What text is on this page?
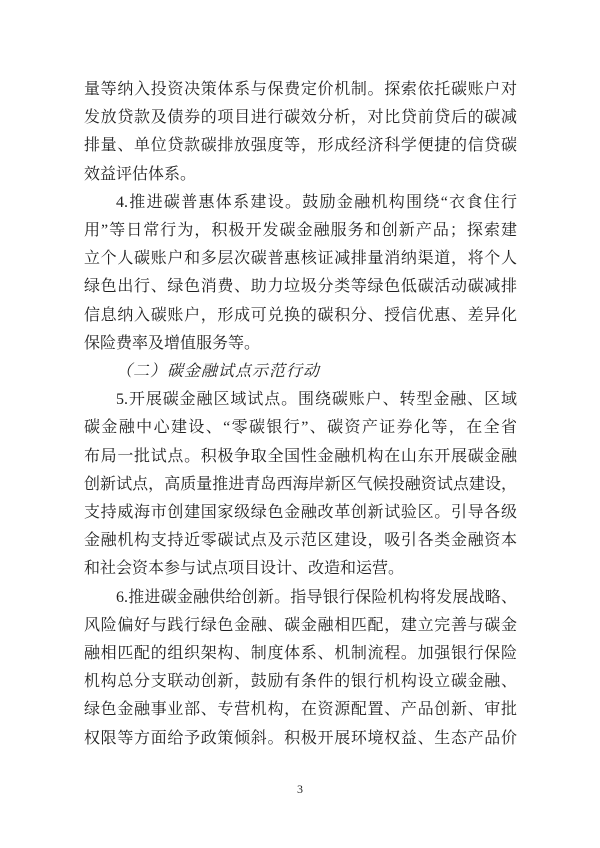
量等纳入投资决策体系与保费定价机制。探索依托碳账户对

发放贷款及债券的项目进行碳效分析，对比贷前贷后的碳减

排量、单位贷款碳排放强度等，形成经济科学便捷的信贷碳

效益评估体系。

4.推进碳普惠体系建设。鼓励金融机构围绕“衣食住行

用”等日常行为，积极开发碳金融服务和创新产品；探索建

立个人碳账户和多层次碳普惠核证减排量消纳渠道，将个人

绿色出行、绿色消费、助力垃圾分类等绿色低碳活动碳减排

信息纳入碳账户，形成可兑换的碳积分、授信优惠、差异化

保险费率及增值服务等。

（二）碳金融试点示范行动

5.开展碳金融区域试点。围绕碳账户、转型金融、区域

碳金融中心建设、“零碳银行”、碳资产证券化等，在全省

布局一批试点。积极争取全国性金融机构在山东开展碳金融

创新试点，高质量推进青岛西海岸新区气候投融资试点建设，

支持威海市创建国家级绿色金融改革创新试验区。引导各级

金融机构支持近零碳试点及示范区建设，吸引各类金融资本

和社会资本参与试点项目设计、改造和运营。

6.推进碳金融供给创新。指导银行保险机构将发展战略、

风险偏好与践行绿色金融、碳金融相匹配，建立完善与碳金

融相匹配的组织架构、制度体系、机制流程。加强银行保险

机构总分支联动创新，鼓励有条件的银行机构设立碳金融、

绿色金融事业部、专营机构，在资源配置、产品创新、审批

权限等方面给予政策倾斜。积极开展环境权益、生态产品价

3
